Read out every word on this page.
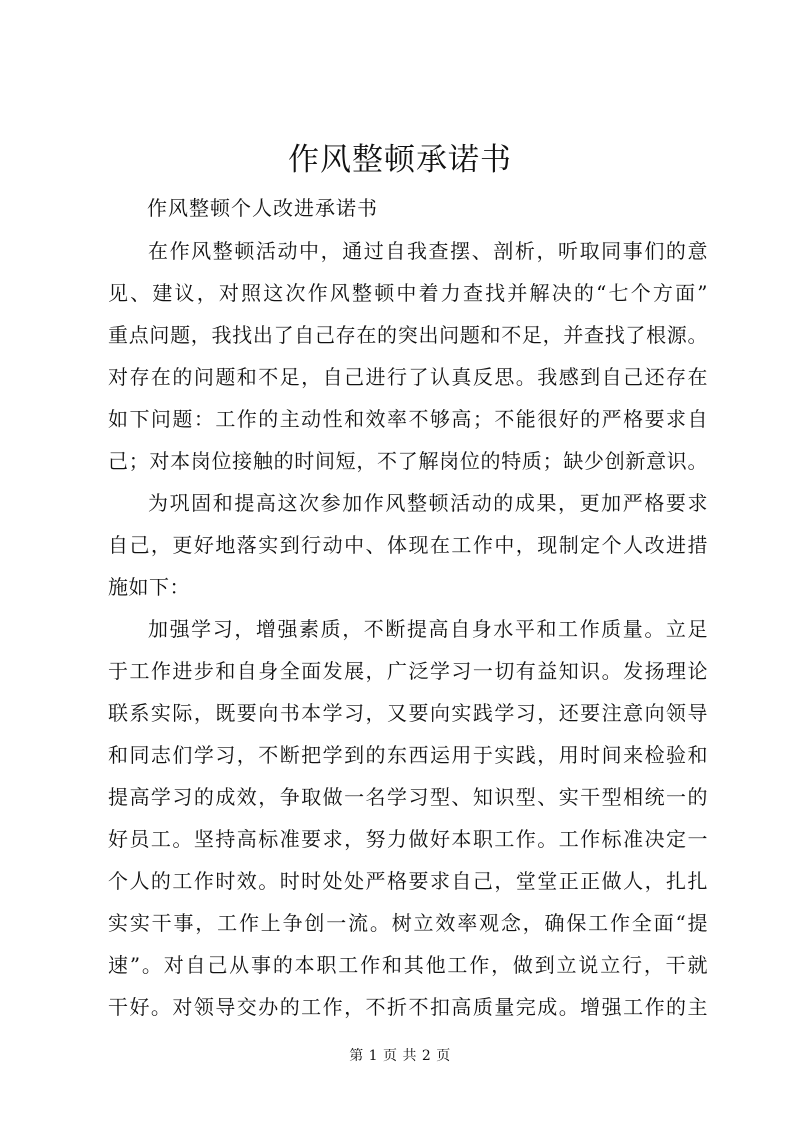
作风整顿承诺书
作风整顿个人改进承诺书
在作风整顿活动中，通过自我查摆、剖析，听取同事们的意
见、建议，对照这次作风整顿中着力查找并解决的“七个方面”
重点问题，我找出了自己存在的突出问题和不足，并查找了根源。
对存在的问题和不足，自己进行了认真反思。我感到自己还存在
如下问题：工作的主动性和效率不够高；不能很好的严格要求自
己；对本岗位接触的时间短，不了解岗位的特质；缺少创新意识。
为巩固和提高这次参加作风整顿活动的成果，更加严格要求
自己，更好地落实到行动中、体现在工作中，现制定个人改进措
施如下：
加强学习，增强素质，不断提高自身水平和工作质量。立足
于工作进步和自身全面发展，广泛学习一切有益知识。发扬理论
联系实际，既要向书本学习，又要向实践学习，还要注意向领导
和同志们学习，不断把学到的东西运用于实践，用时间来检验和
提高学习的成效，争取做一名学习型、知识型、实干型相统一的
好员工。坚持高标准要求，努力做好本职工作。工作标准决定一
个人的工作时效。时时处处严格要求自己，堂堂正正做人，扎扎
实实干事，工作上争创一流。树立效率观念，确保工作全面“提
速”。对自己从事的本职工作和其他工作，做到立说立行，干就
干好。对领导交办的工作，不折不扣高质量完成。增强工作的主
第 1 页 共 2 页
